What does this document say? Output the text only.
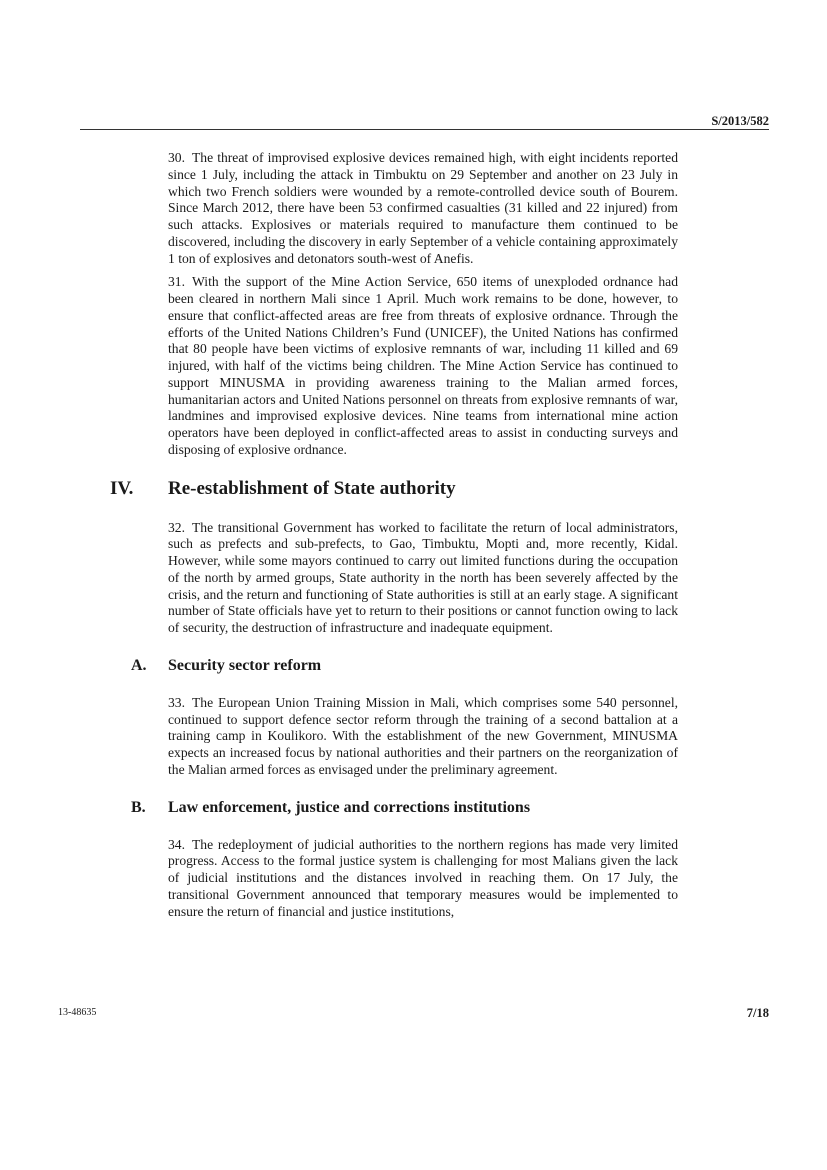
S/2013/582

30. The threat of improvised explosive devices remained high, with eight incidents reported since 1 July, including the attack in Timbuktu on 29 September and another on 23 July in which two French soldiers were wounded by a remote-controlled device south of Bourem. Since March 2012, there have been 53 confirmed casualties (31 killed and 22 injured) from such attacks. Explosives or materials required to manufacture them continued to be discovered, including the discovery in early September of a vehicle containing approximately 1 ton of explosives and detonators south-west of Anefis.

31. With the support of the Mine Action Service, 650 items of unexploded ordnance had been cleared in northern Mali since 1 April. Much work remains to be done, however, to ensure that conflict-affected areas are free from threats of explosive ordnance. Through the efforts of the United Nations Children’s Fund (UNICEF), the United Nations has confirmed that 80 people have been victims of explosive remnants of war, including 11 killed and 69 injured, with half of the victims being children. The Mine Action Service has continued to support MINUSMA in providing awareness training to the Malian armed forces, humanitarian actors and United Nations personnel on threats from explosive remnants of war, landmines and improvised explosive devices. Nine teams from international mine action operators have been deployed in conflict-affected areas to assist in conducting surveys and disposing of explosive ordnance.

IV.	Re-establishment of State authority

32. The transitional Government has worked to facilitate the return of local administrators, such as prefects and sub-prefects, to Gao, Timbuktu, Mopti and, more recently, Kidal. However, while some mayors continued to carry out limited functions during the occupation of the north by armed groups, State authority in the north has been severely affected by the crisis, and the return and functioning of State authorities is still at an early stage. A significant number of State officials have yet to return to their positions or cannot function owing to lack of security, the destruction of infrastructure and inadequate equipment.

A.	Security sector reform

33. The European Union Training Mission in Mali, which comprises some 540 personnel, continued to support defence sector reform through the training of a second battalion at a training camp in Koulikoro. With the establishment of the new Government, MINUSMA expects an increased focus by national authorities and their partners on the reorganization of the Malian armed forces as envisaged under the preliminary agreement.

B.	Law enforcement, justice and corrections institutions

34. The redeployment of judicial authorities to the northern regions has made very limited progress. Access to the formal justice system is challenging for most Malians given the lack of judicial institutions and the distances involved in reaching them. On 17 July, the transitional Government announced that temporary measures would be implemented to ensure the return of financial and justice institutions,

13-48635	7/18
